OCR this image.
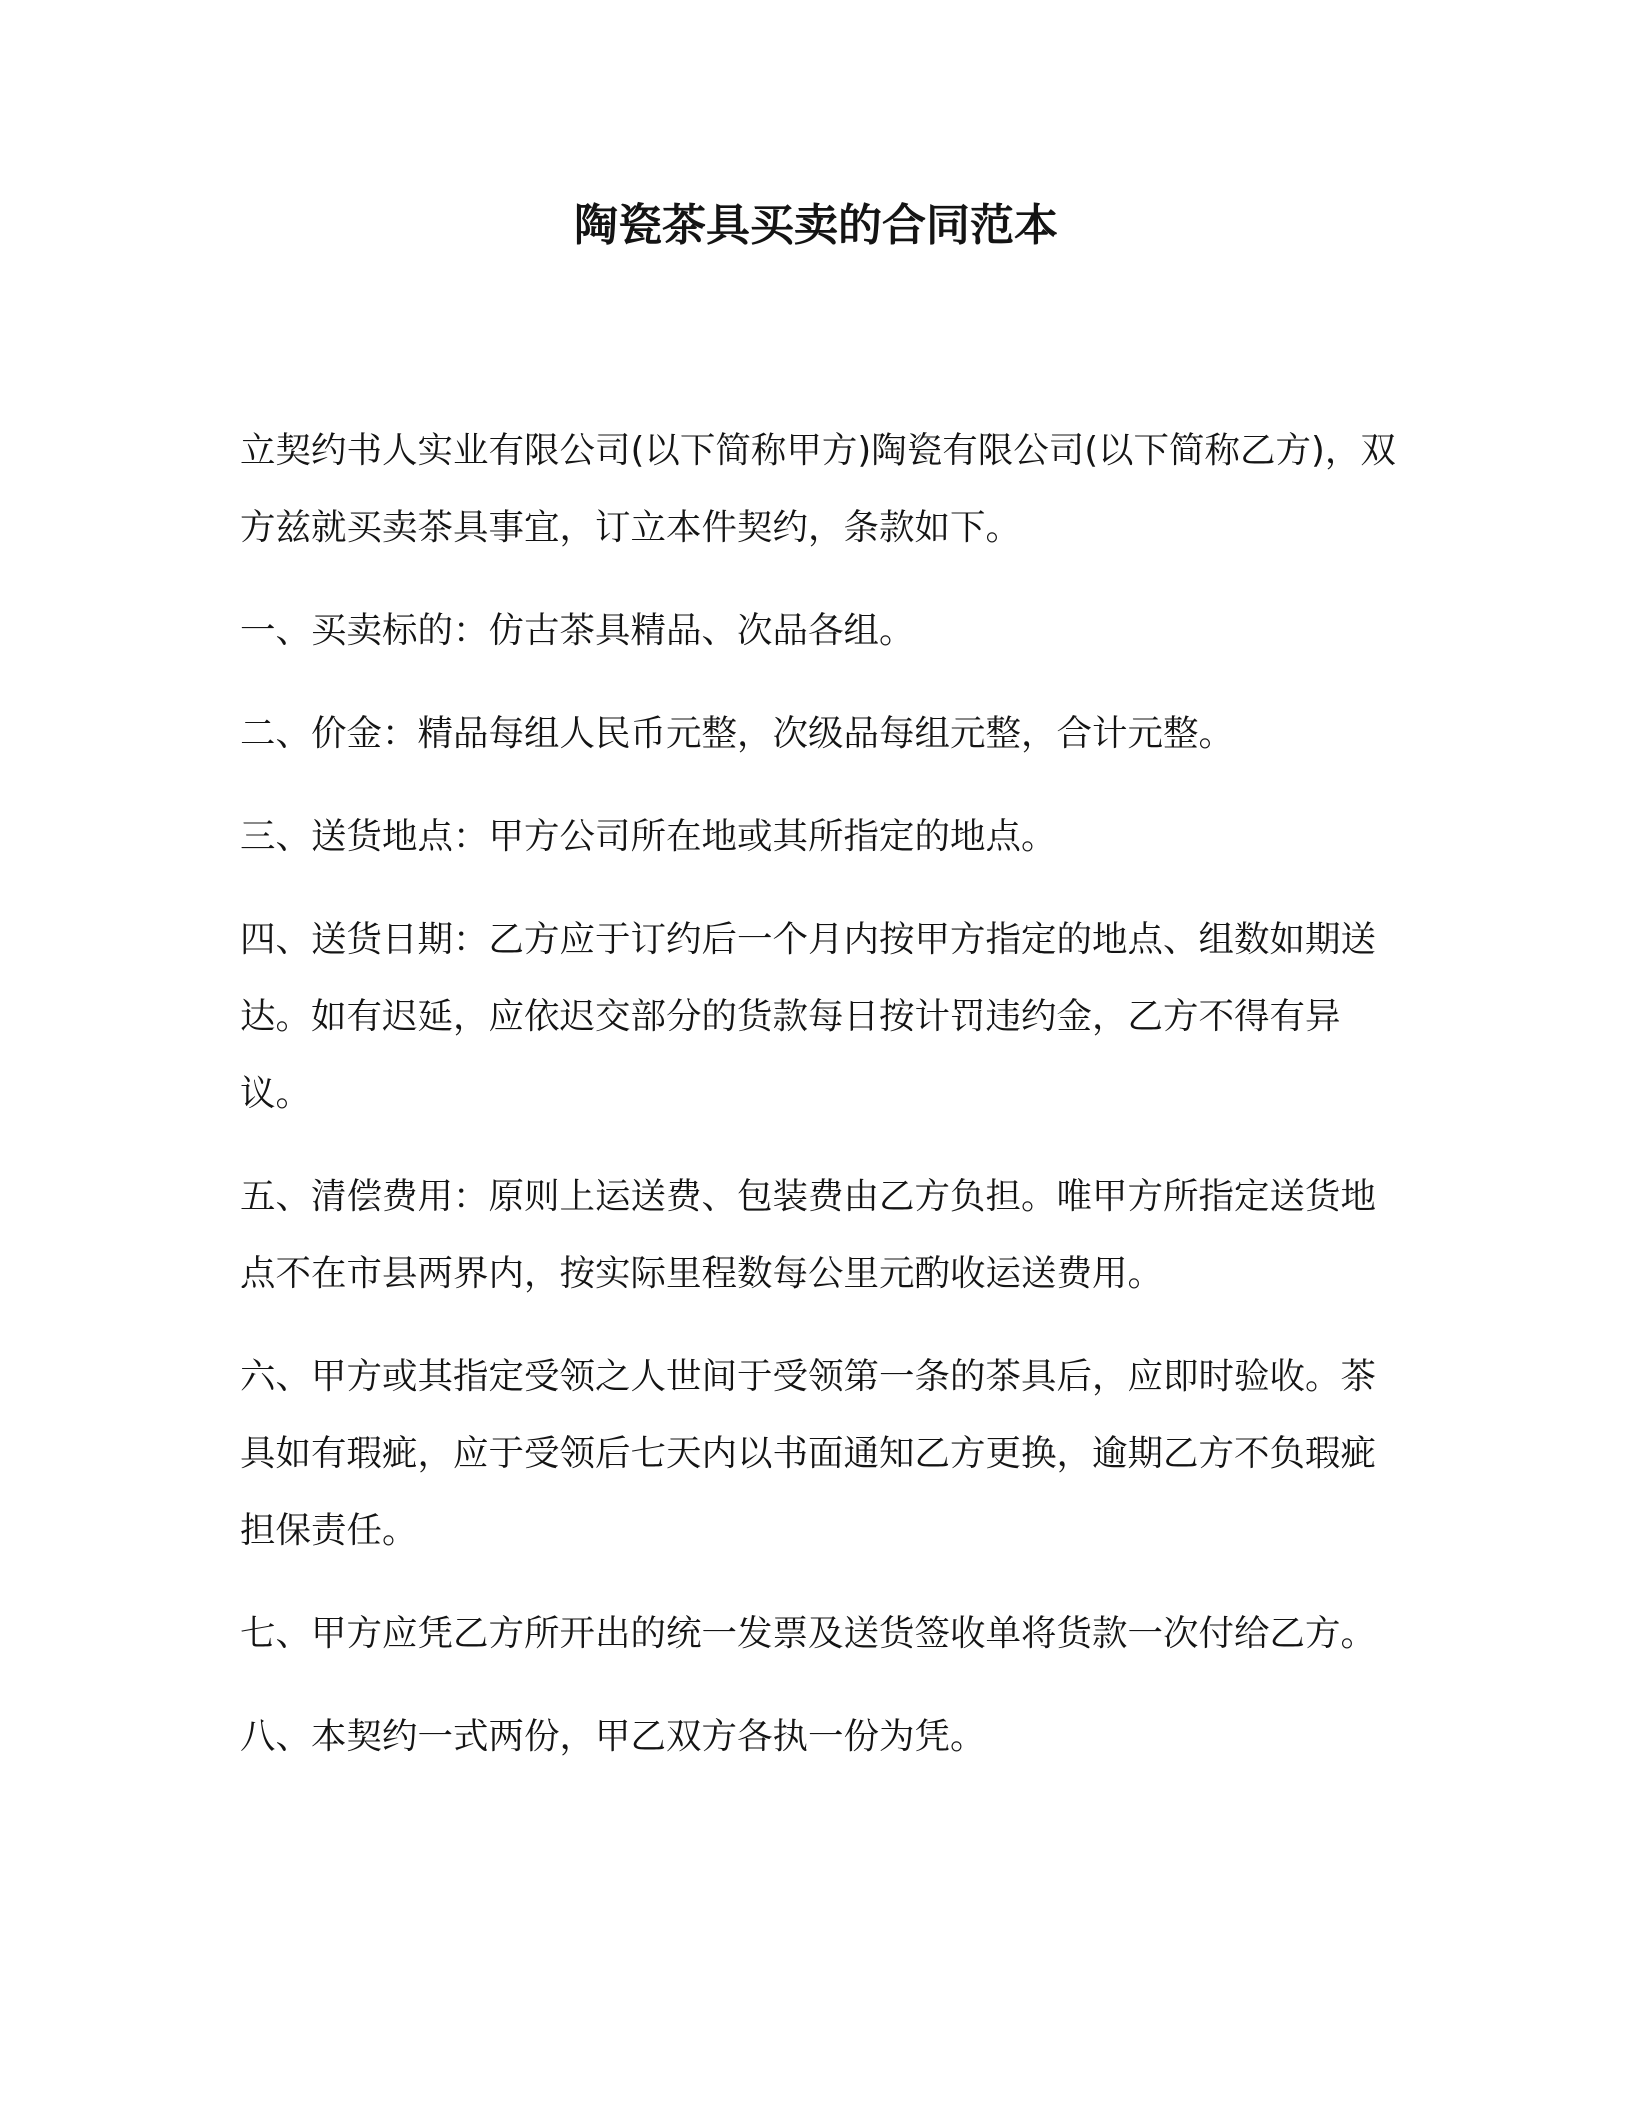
陶瓷茶具买卖的合同范本

立契约书人实业有限公司(以下简称甲方)陶瓷有限公司(以下简称乙方)，双方兹就买卖茶具事宜，订立本件契约，条款如下。

一、买卖标的：仿古茶具精品、次品各组。

二、价金：精品每组人民币元整，次级品每组元整，合计元整。

三、送货地点：甲方公司所在地或其所指定的地点。

四、送货日期：乙方应于订约后一个月内按甲方指定的地点、组数如期送达。如有迟延，应依迟交部分的货款每日按计罚违约金，乙方不得有异议。

五、清偿费用：原则上运送费、包装费由乙方负担。唯甲方所指定送货地点不在市县两界内，按实际里程数每公里元酌收运送费用。

六、甲方或其指定受领之人世间于受领第一条的茶具后，应即时验收。茶具如有瑕疵，应于受领后七天内以书面通知乙方更换，逾期乙方不负瑕疵担保责任。

七、甲方应凭乙方所开出的统一发票及送货签收单将货款一次付给乙方。

八、本契约一式两份，甲乙双方各执一份为凭。
